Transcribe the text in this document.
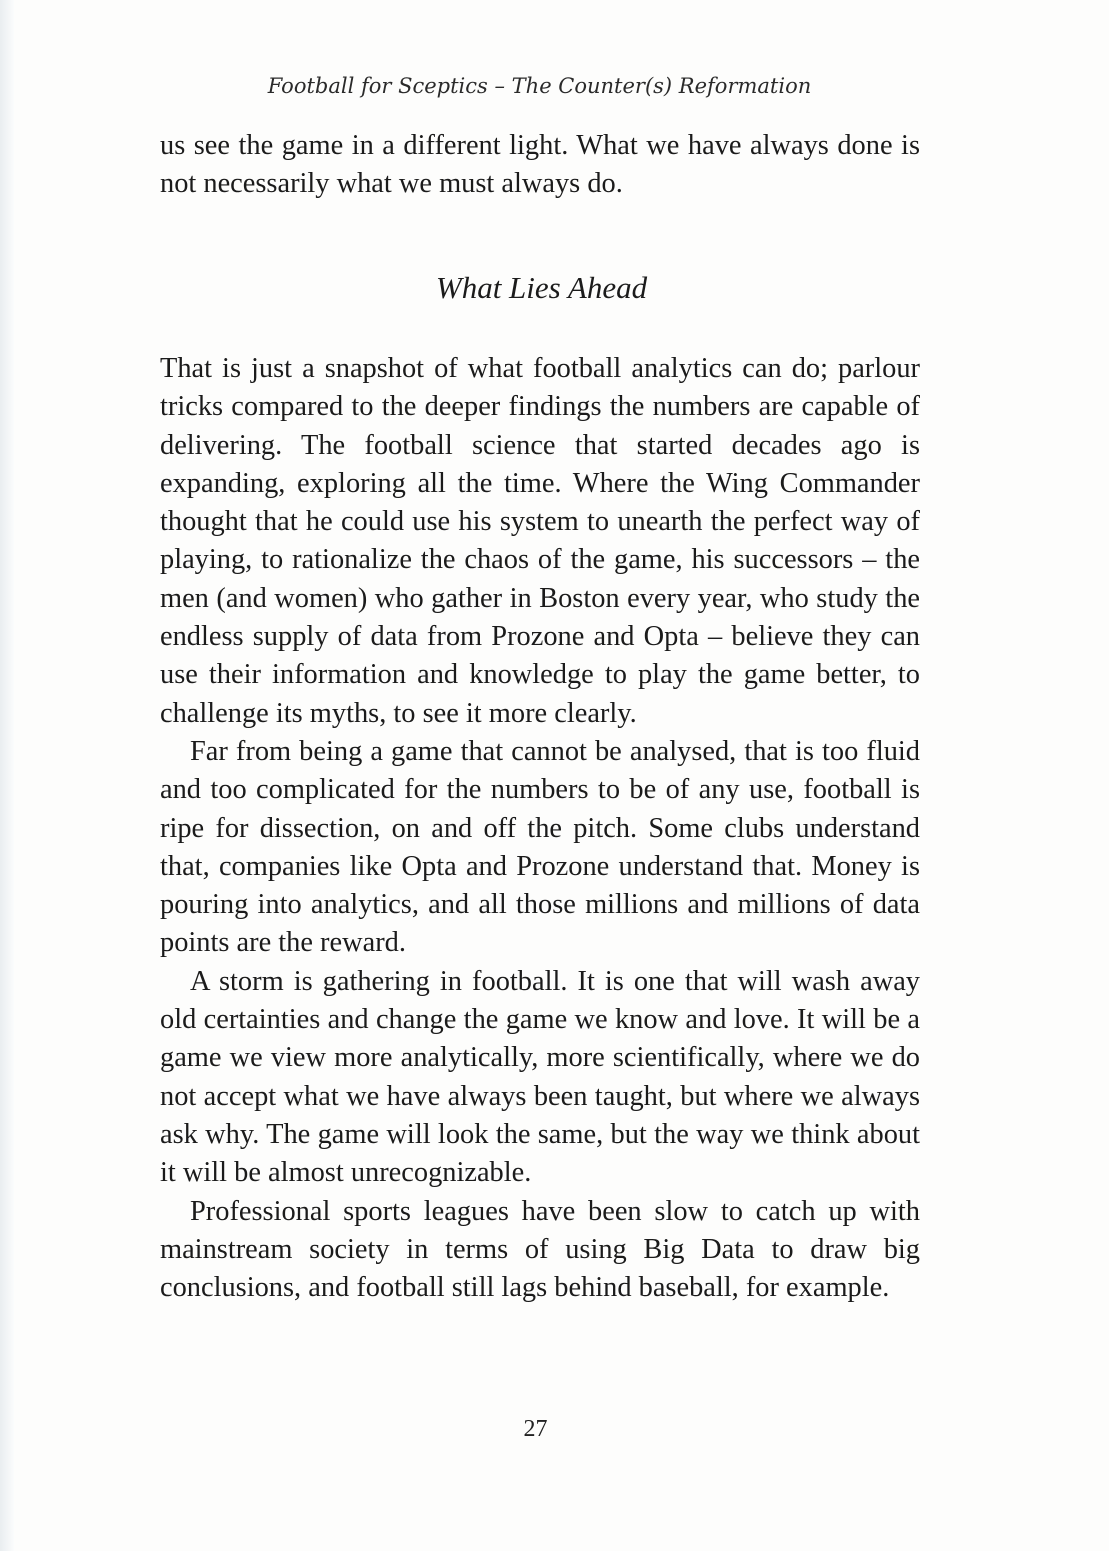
Football for Sceptics – The Counter(s) Reformation

us see the game in a different light. What we have always done is not necessarily what we must always do.

What Lies Ahead

That is just a snapshot of what football analytics can do; parlour tricks compared to the deeper findings the numbers are capable of delivering. The football science that started decades ago is expanding, exploring all the time. Where the Wing Commander thought that he could use his system to unearth the perfect way of playing, to rationalize the chaos of the game, his successors – the men (and women) who gather in Boston every year, who study the endless supply of data from Prozone and Opta – believe they can use their information and knowledge to play the game better, to challenge its myths, to see it more clearly.

Far from being a game that cannot be analysed, that is too fluid and too complicated for the numbers to be of any use, football is ripe for dissection, on and off the pitch. Some clubs understand that, companies like Opta and Prozone understand that. Money is pouring into analytics, and all those millions and millions of data points are the reward.

A storm is gathering in football. It is one that will wash away old certainties and change the game we know and love. It will be a game we view more analytically, more scientifically, where we do not accept what we have always been taught, but where we always ask why. The game will look the same, but the way we think about it will be almost unrecognizable.

Professional sports leagues have been slow to catch up with mainstream society in terms of using Big Data to draw big conclusions, and football still lags behind baseball, for example.

27
